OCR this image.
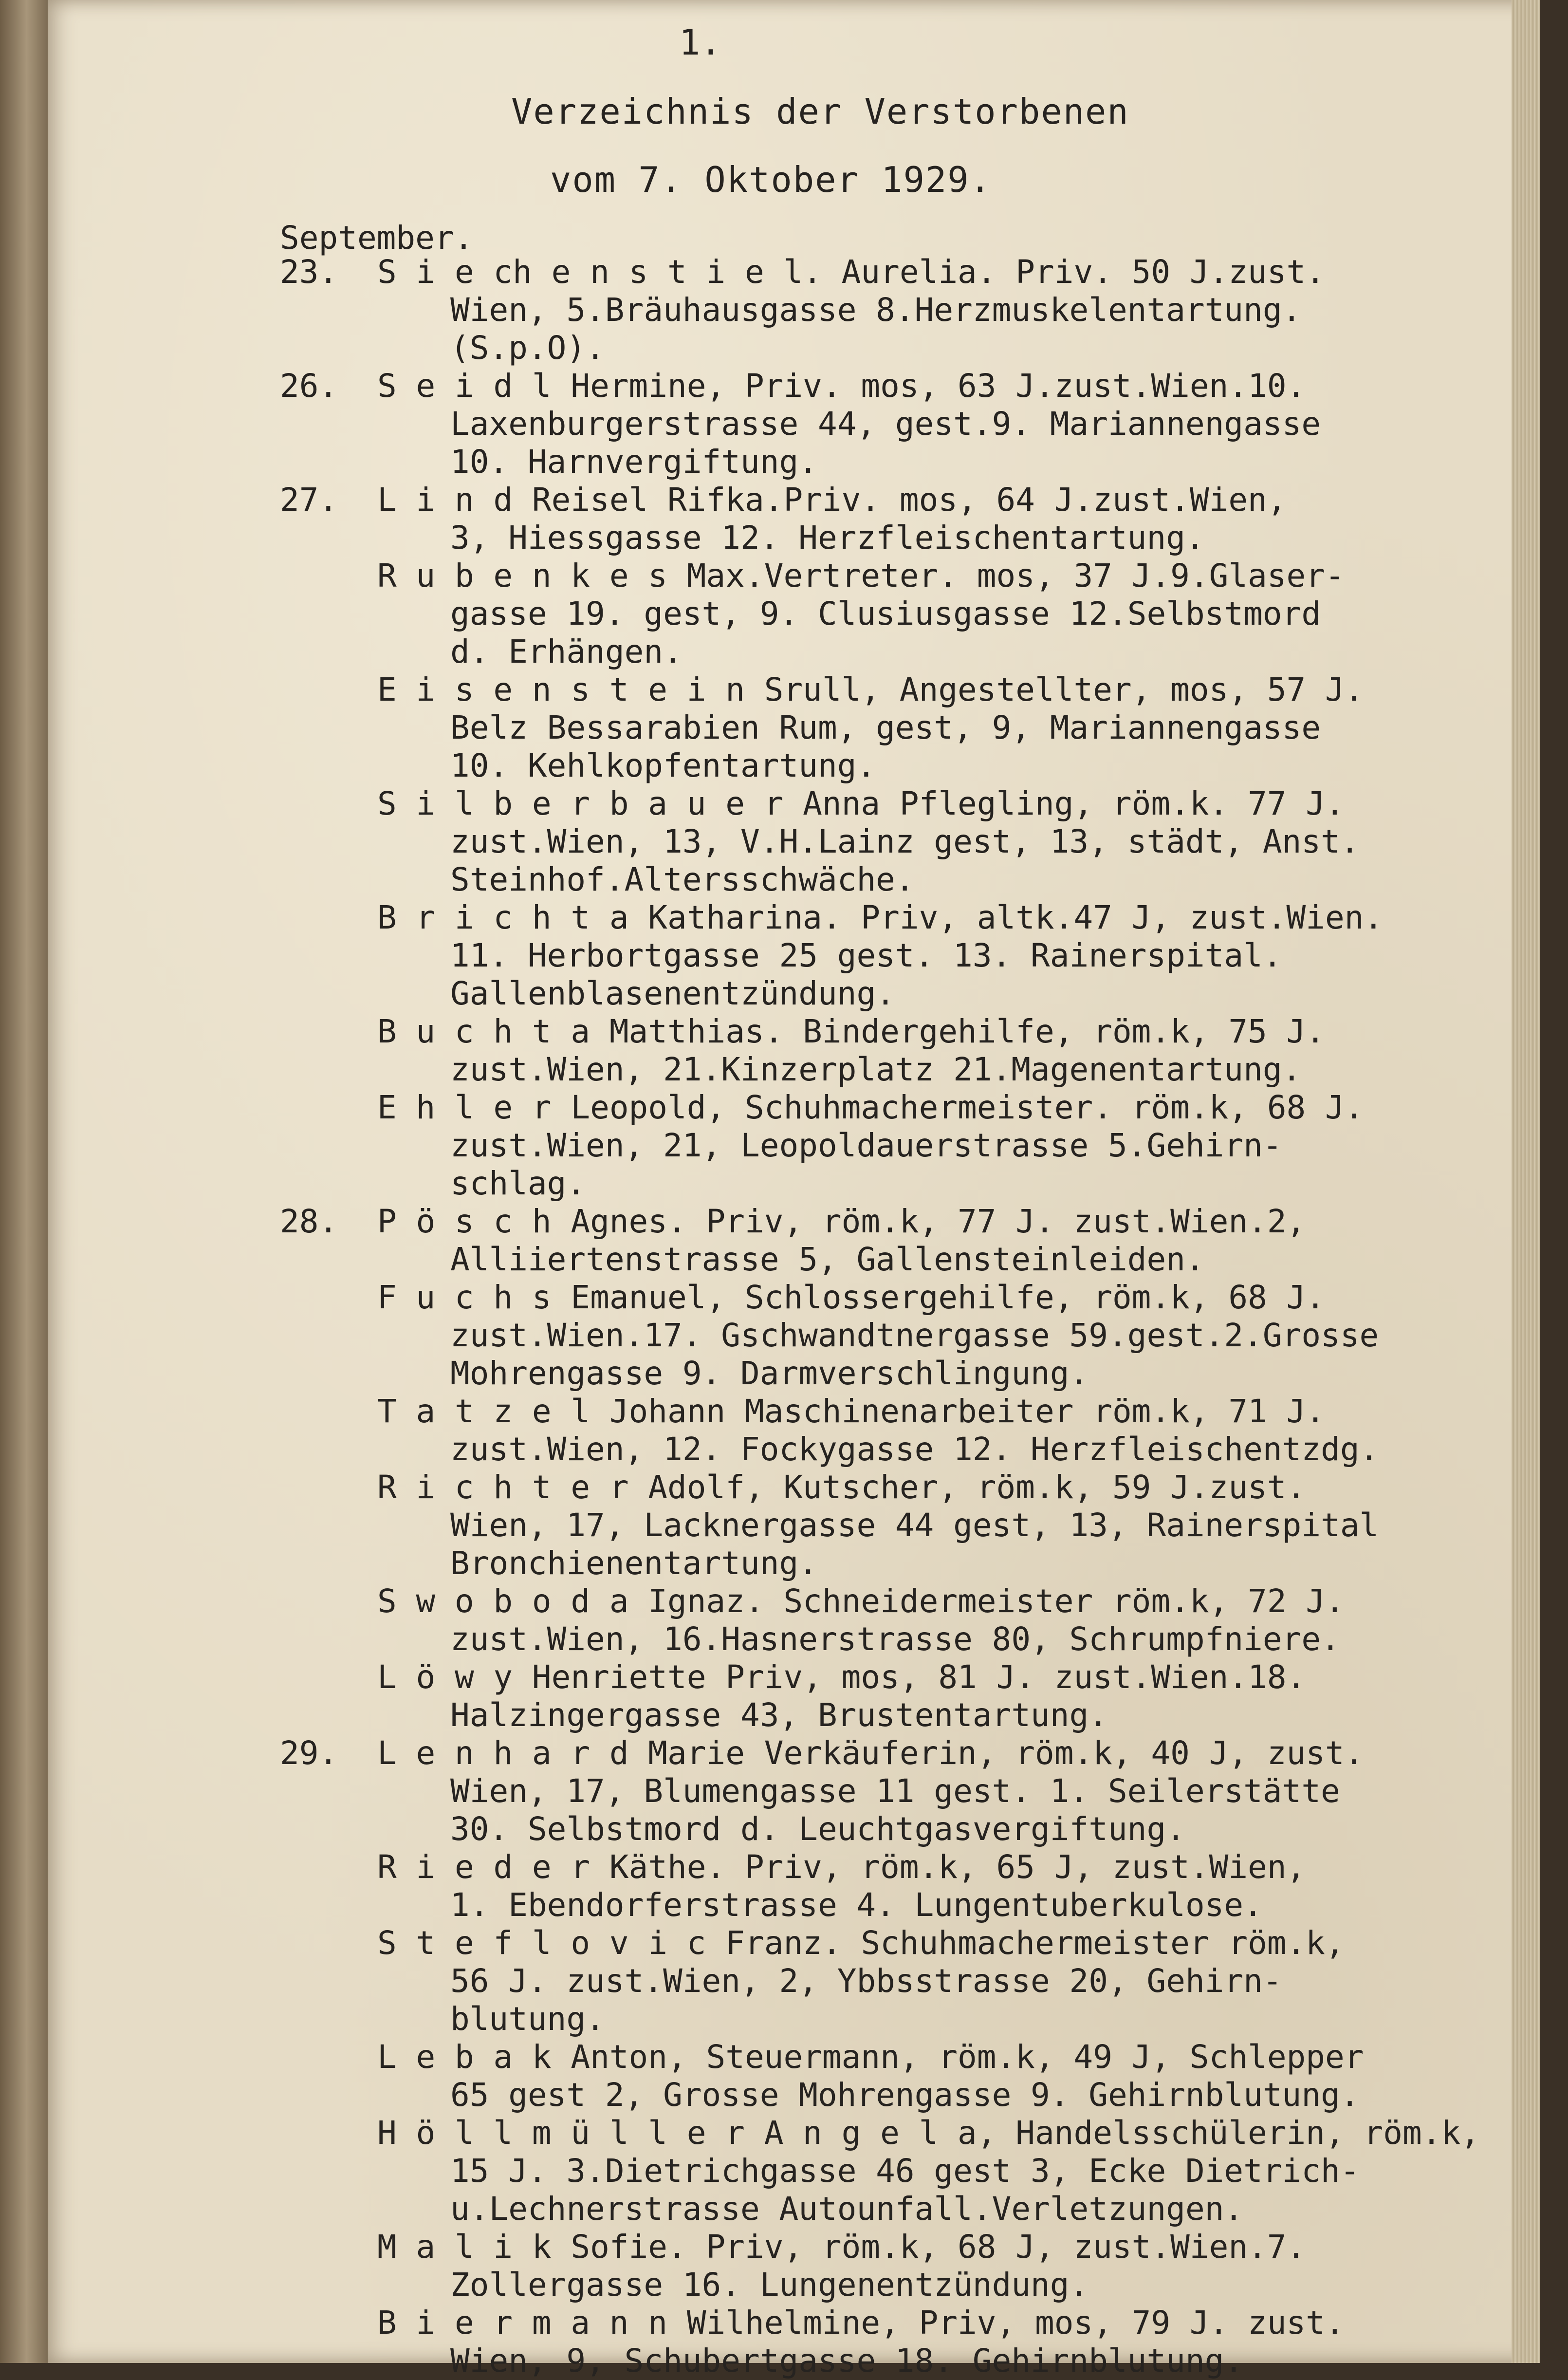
1.
Verzeichnis der Verstorbenen
vom 7. Oktober 1929.
September.
23.	S i e ch e n s t i e l. Aurelia. Priv. 50 J.zust.
Wien, 5.Bräuhausgasse 8.Herzmuskelentartung.
(S.p.O).
26.	S e i d l Hermine, Priv. mos, 63 J.zust.Wien.10.
Laxenburgerstrasse 44, gest.9. Mariannengasse
10. Harnvergiftung.
27.	L i n d Reisel Rifka.Priv. mos, 64 J.zust.Wien,
3, Hiessgasse 12. Herzfleischentartung.
R u b e n k e s Max.Vertreter. mos, 37 J.9.Glaser-
gasse 19. gest, 9. Clusiusgasse 12.Selbstmord
d. Erhängen.
E i s e n s t e i n Srull, Angestellter, mos, 57 J.
Belz Bessarabien Rum, gest, 9, Mariannengasse
10. Kehlkopfentartung.
S i l b e r b a u e r Anna Pflegling, röm.k. 77 J.
zust.Wien, 13, V.H.Lainz gest, 13, städt, Anst.
Steinhof.Altersschwäche.
B r i c h t a Katharina. Priv, altk.47 J, zust.Wien.
11. Herbortgasse 25 gest. 13. Rainerspital.
Gallenblasenentzündung.
B u c h t a Matthias. Bindergehilfe, röm.k, 75 J.
zust.Wien, 21.Kinzerplatz 21.Magenentartung.
E h l e r Leopold, Schuhmachermeister. röm.k, 68 J.
zust.Wien, 21, Leopoldauerstrasse 5.Gehirn-
schlag.
28.	P ö s c h Agnes. Priv, röm.k, 77 J. zust.Wien.2,
Alliiertenstrasse 5, Gallensteinleiden.
F u c h s Emanuel, Schlossergehilfe, röm.k, 68 J.
zust.Wien.17. Gschwandtnergasse 59.gest.2.Grosse
Mohrengasse 9. Darmverschlingung.
T a t z e l Johann Maschinenarbeiter röm.k, 71 J.
zust.Wien, 12. Fockygasse 12. Herzfleischentzdg.
R i c h t e r Adolf, Kutscher, röm.k, 59 J.zust.
Wien, 17, Lacknergasse 44 gest, 13, Rainerspital
Bronchienentartung.
S w o b o d a Ignaz. Schneidermeister röm.k, 72 J.
zust.Wien, 16.Hasnerstrasse 80, Schrumpfniere.
L ö w y Henriette Priv, mos, 81 J. zust.Wien.18.
Halzingergasse 43, Brustentartung.
29.	L e n h a r d Marie Verkäuferin, röm.k, 40 J, zust.
Wien, 17, Blumengasse 11 gest. 1. Seilerstätte
30. Selbstmord d. Leuchtgasvergiftung.
R i e d e r Käthe. Priv, röm.k, 65 J, zust.Wien,
1. Ebendorferstrasse 4. Lungentuberkulose.
S t e f l o v i c Franz. Schuhmachermeister röm.k,
56 J. zust.Wien, 2, Ybbsstrasse 20, Gehirn-
blutung.
L e b a k Anton, Steuermann, röm.k, 49 J, Schlepper
65 gest 2, Grosse Mohrengasse 9. Gehirnblutung.
H ö l l m ü l l e r A n g e l a, Handelsschülerin, röm.k,
15 J. 3.Dietrichgasse 46 gest 3, Ecke Dietrich-
u.Lechnerstrasse Autounfall.Verletzungen.
M a l i k Sofie. Priv, röm.k, 68 J, zust.Wien.7.
Zollergasse 16. Lungenentzündung.
B i e r m a n n Wilhelmine, Priv, mos, 79 J. zust.
Wien, 9, Schubertgasse 18. Gehirnblutung.
